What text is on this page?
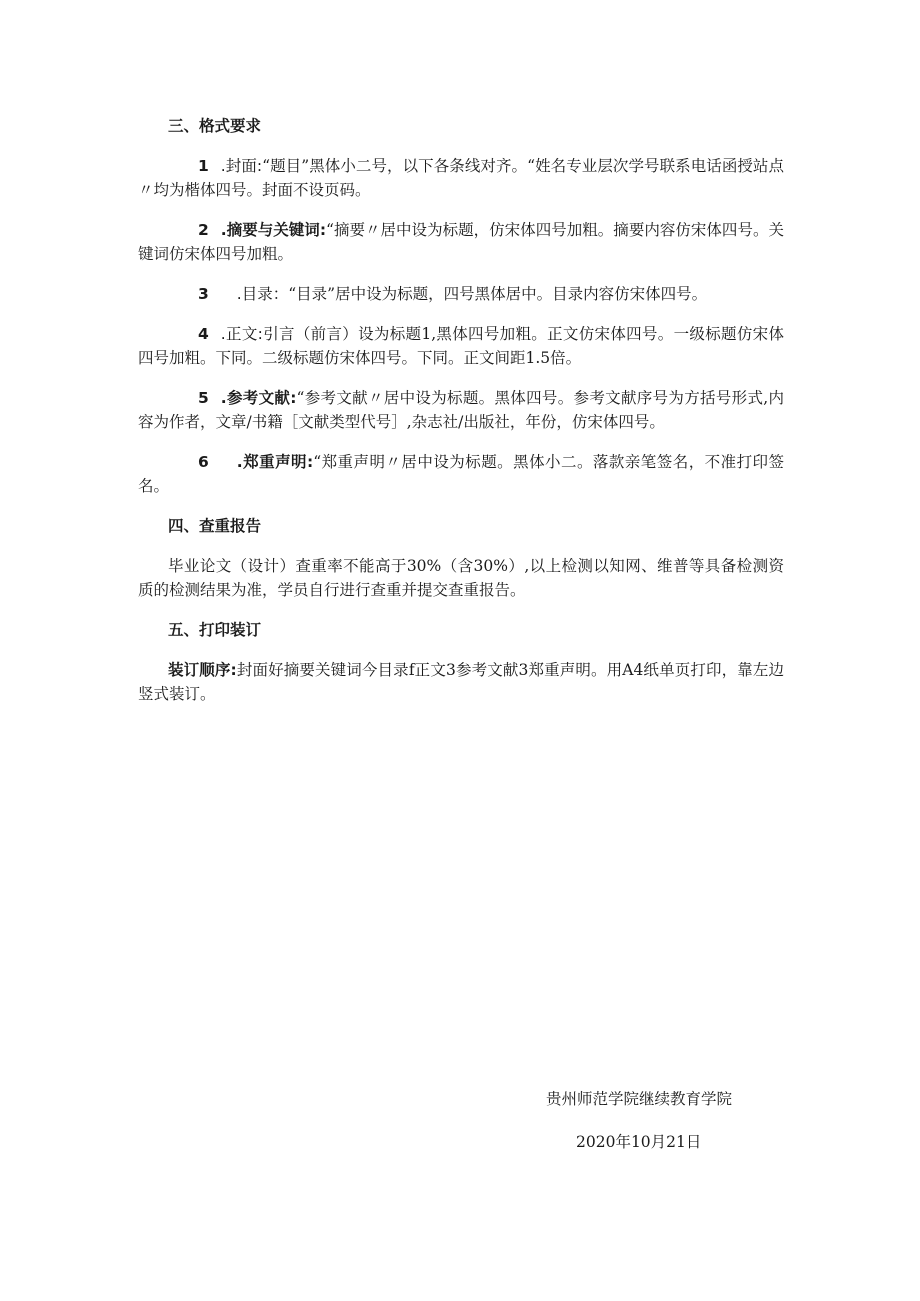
三、格式要求

1 .封面:“题目”黑体小二号，以下各条线对齐。“姓名专业层次学号联系电话函授站点〃均为楷体四号。封面不设页码。

2 .摘要与关键词:“摘要〃居中设为标题，仿宋体四号加粗。摘要内容仿宋体四号。关键词仿宋体四号加粗。

3 .目录：“目录”居中设为标题，四号黑体居中。目录内容仿宋体四号。

4 .正文:引言（前言）设为标题1,黑体四号加粗。正文仿宋体四号。一级标题仿宋体四号加粗。下同。二级标题仿宋体四号。下同。正文间距1.5倍。

5 .参考文献:“参考文献〃居中设为标题。黑体四号。参考文献序号为方括号形式,内容为作者，文章/书籍［文献类型代号］,杂志社/出版社，年份，仿宋体四号。

6 .郑重声明:“郑重声明〃居中设为标题。黑体小二。落款亲笔签名，不准打印签名。

四、查重报告

毕业论文（设计）查重率不能高于30%（含30%）,以上检测以知网、维普等具备检测资质的检测结果为准，学员自行进行查重并提交查重报告。

五、打印装订

装订顺序:封面好摘要关键词今目录f正文3参考文献3郑重声明。用A4纸单页打印，靠左边竖式装订。

贵州师范学院继续教育学院
2020年10月21日
